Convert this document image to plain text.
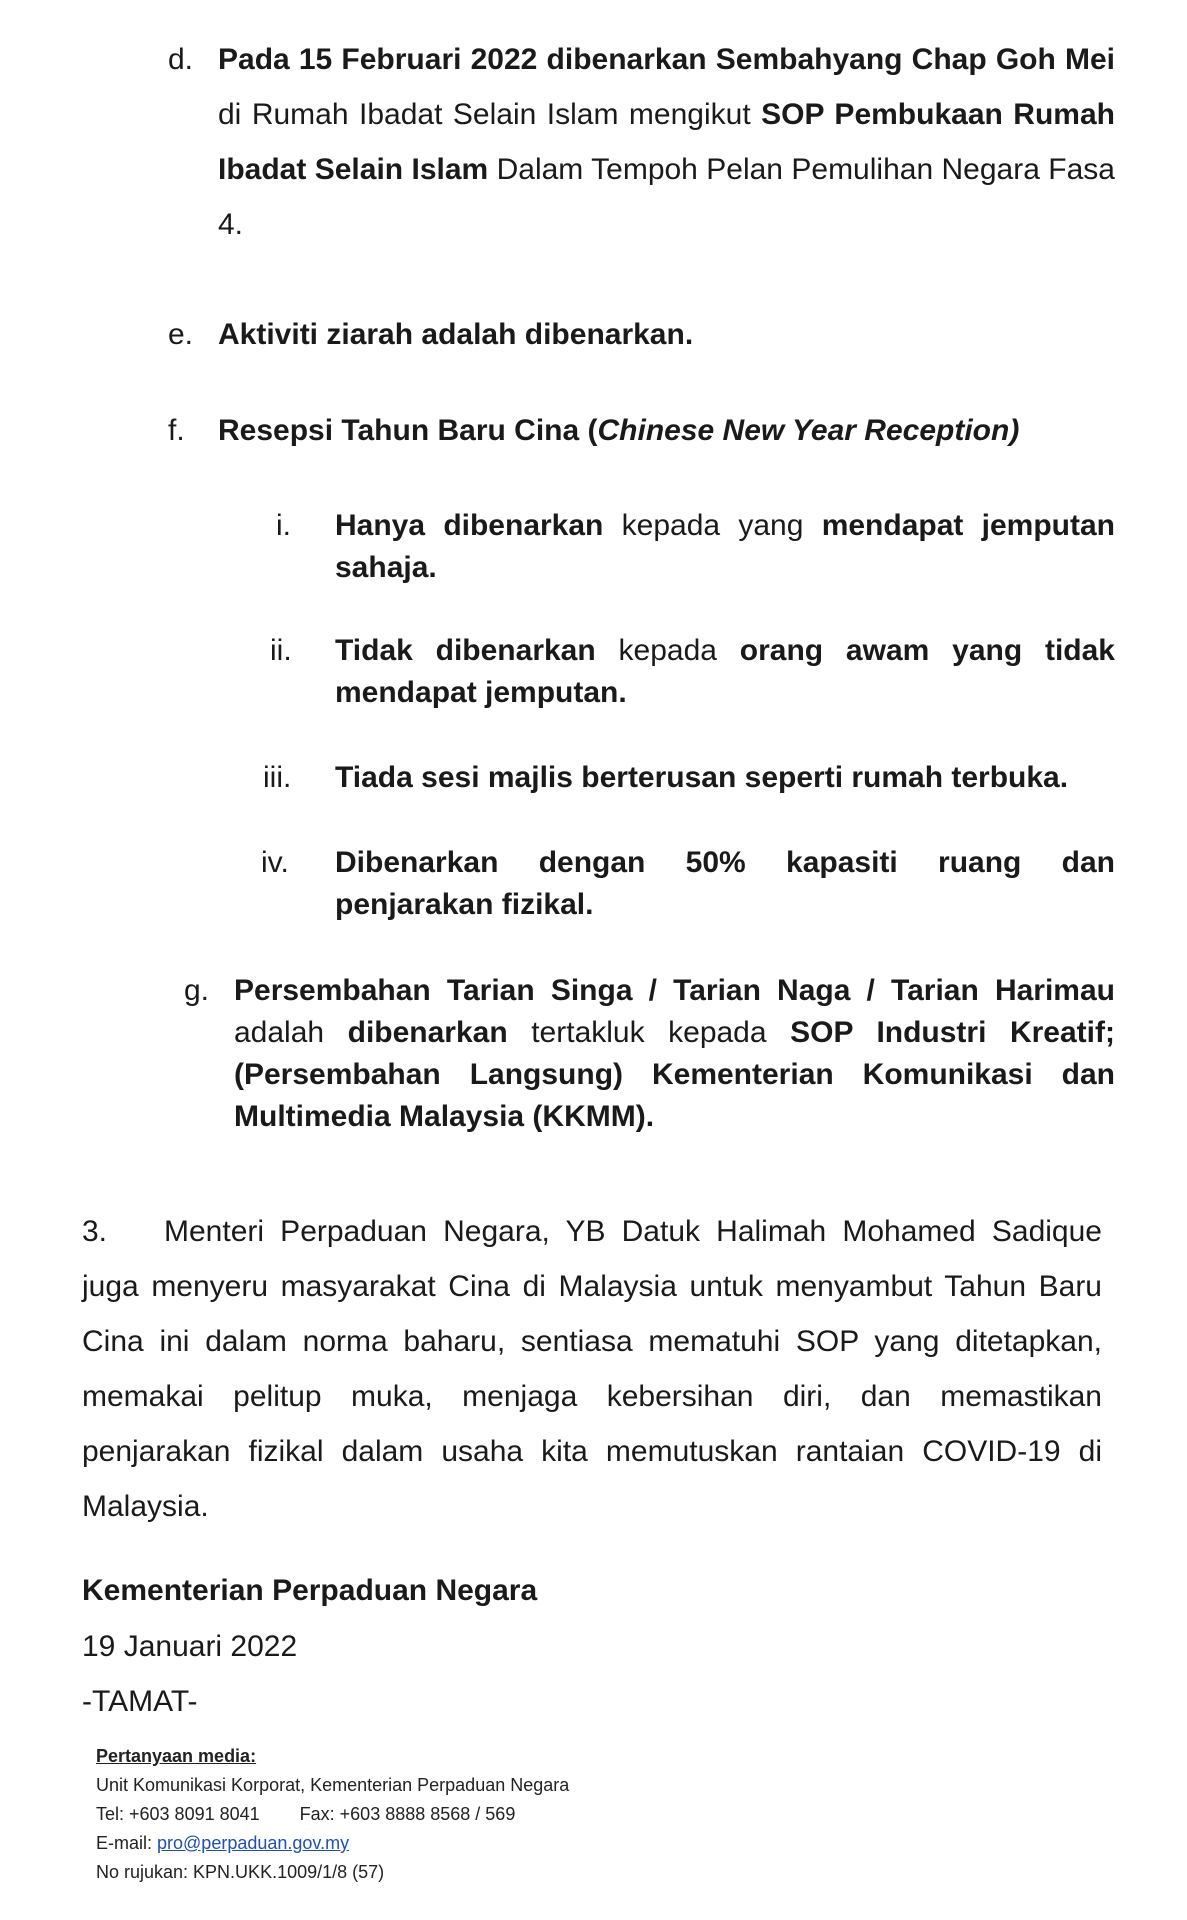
d. Pada 15 Februari 2022 dibenarkan Sembahyang Chap Goh Mei di Rumah Ibadat Selain Islam mengikut SOP Pembukaan Rumah Ibadat Selain Islam Dalam Tempoh Pelan Pemulihan Negara Fasa 4.
e. Aktiviti ziarah adalah dibenarkan.
f. Resepsi Tahun Baru Cina (Chinese New Year Reception)
i. Hanya dibenarkan kepada yang mendapat jemputan sahaja.
ii. Tidak dibenarkan kepada orang awam yang tidak mendapat jemputan.
iii. Tiada sesi majlis berterusan seperti rumah terbuka.
iv. Dibenarkan dengan 50% kapasiti ruang dan penjarakan fizikal.
g. Persembahan Tarian Singa / Tarian Naga / Tarian Harimau adalah dibenarkan tertakluk kepada SOP Industri Kreatif; (Persembahan Langsung) Kementerian Komunikasi dan Multimedia Malaysia (KKMM).
3. Menteri Perpaduan Negara, YB Datuk Halimah Mohamed Sadique juga menyeru masyarakat Cina di Malaysia untuk menyambut Tahun Baru Cina ini dalam norma baharu, sentiasa mematuhi SOP yang ditetapkan, memakai pelitup muka, menjaga kebersihan diri, dan memastikan penjarakan fizikal dalam usaha kita memutuskan rantaian COVID-19 di Malaysia.
Kementerian Perpaduan Negara
19 Januari 2022
-TAMAT-
Pertanyaan media:
Unit Komunikasi Korporat, Kementerian Perpaduan Negara
Tel: +603 8091 8041 Fax: +603 8888 8568 / 569
E-mail: pro@perpaduan.gov.my
No rujukan: KPN.UKK.1009/1/8 (57)
